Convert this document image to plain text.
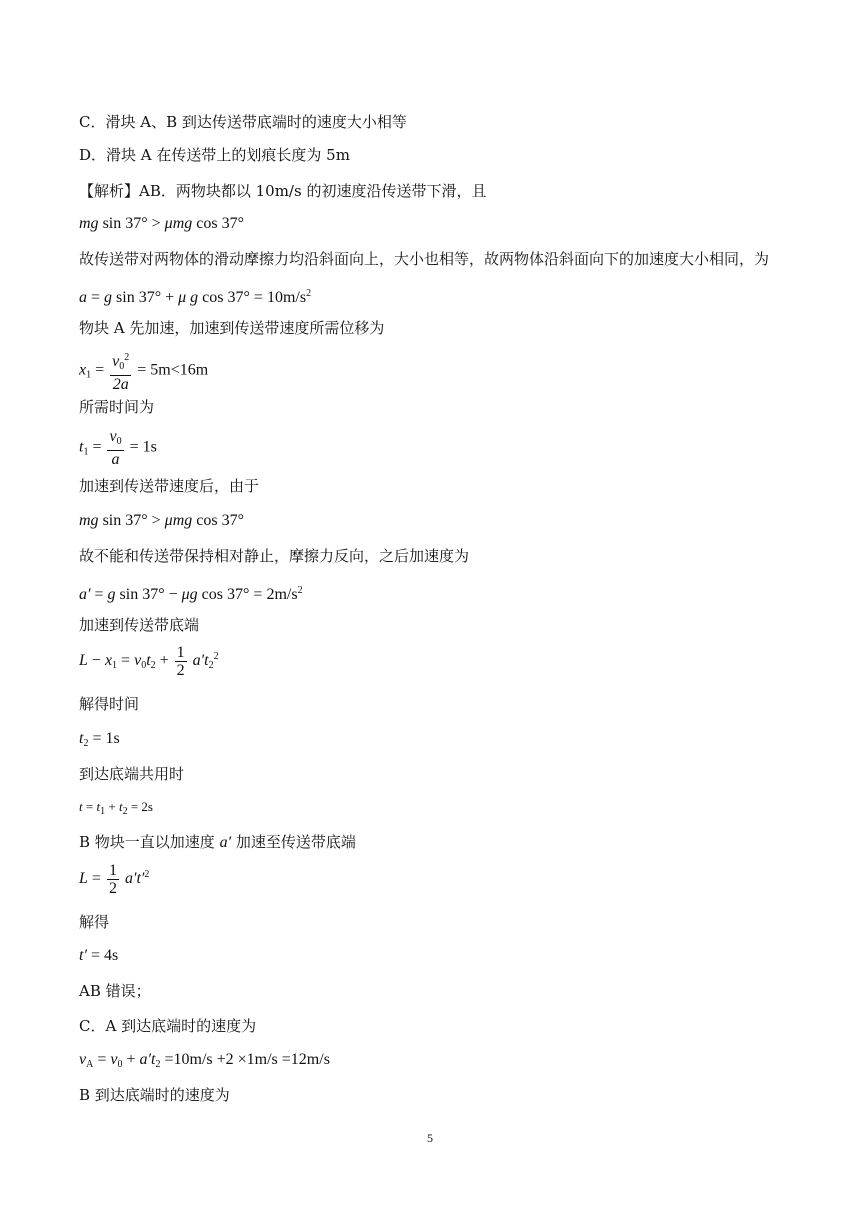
C．滑块 A、B 到达传送带底端时的速度大小相等
D．滑块 A 在传送带上的划痕长度为 5m
【解析】AB．两物块都以 10m/s 的初速度沿传送带下滑，且
mg sin 37° > μmg cos 37°
故传送带对两物体的滑动摩擦力均沿斜面向上，大小也相等，故两物体沿斜面向下的加速度大小相同，为
a = g sin 37° + μ g $\cos 37^\circ = 10m/s^2$
物块 A 先加速，加速到传送带速度所需位移为
$x_1 = \frac{v_0^2}{2a} = 5m<16m$
所需时间为
$t_1 = \frac{v_0}{a} = 1s$
加速到传送带速度后，由于
mg sin 37° > μmg cos 37°
故不能和传送带保持相对静止，摩擦力反向，之后加速度为
a′ = g sin 37° − μg $\cos 37^\circ = 2m/s^2$
加速到传送带底端
$L - x_1 = v_0t_2 + \frac{1}{2} a't_2^2$
解得时间
$t_2 = 1s$
到达底端共用时
$t = t_1 + t_2 = 2s$
B 物块一直以加速度 a′ 加速至传送带底端
$L = \frac{1}{2} a't'^2$
解得
t′ = 4s
AB 错误；
C．A 到达底端时的速度为
$v_A = v_0 + a't_2 =10m/s +2 \times 1m/s =12m/s$
B 到达底端时的速度为
5
